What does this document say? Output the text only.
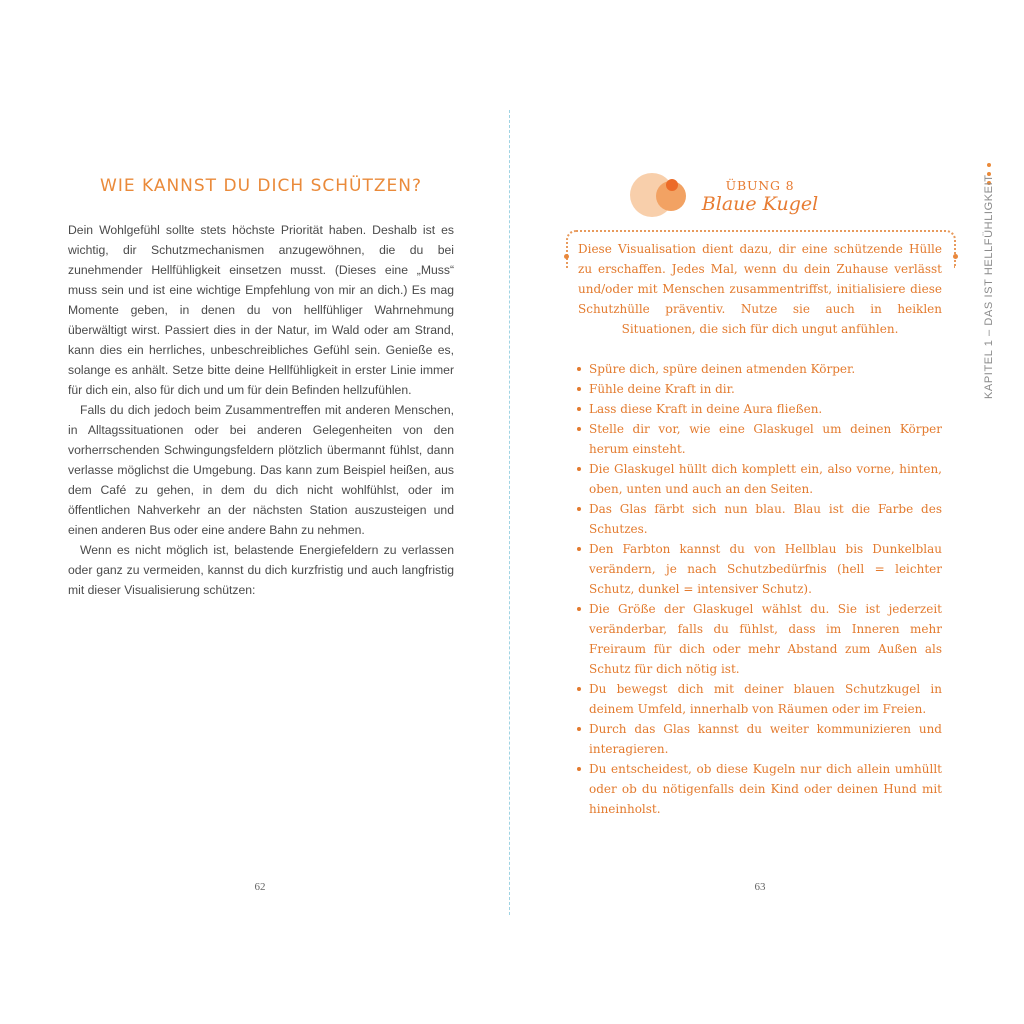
WIE KANNST DU DICH SCHÜTZEN?

Dein Wohlgefühl sollte stets höchste Priorität haben. Deshalb ist es wichtig, dir Schutzmechanismen anzugewöhnen, die du bei zunehmender Hellfühligkeit einsetzen musst. (Dieses eine „Muss“ muss sein und ist eine wichtige Empfehlung von mir an dich.) Es mag Momente geben, in denen du von hellfühliger Wahrnehmung überwältigt wirst. Passiert dies in der Natur, im Wald oder am Strand, kann dies ein herrliches, unbeschreibliches Gefühl sein. Genieße es, solange es anhält. Setze bitte deine Hellfühligkeit in erster Linie immer für dich ein, also für dich und um für dein Befinden hellzufühlen.

Falls du dich jedoch beim Zusammentreffen mit anderen Menschen, in Alltagssituationen oder bei anderen Gelegenheiten von den vorherrschenden Schwingungsfeldern plötzlich übermannt fühlst, dann verlasse möglichst die Umgebung. Das kann zum Beispiel heißen, aus dem Café zu gehen, in dem du dich nicht wohlfühlst, oder im öffentlichen Nahverkehr an der nächsten Station auszusteigen und einen anderen Bus oder eine andere Bahn zu nehmen.

Wenn es nicht möglich ist, belastende Energiefeldern zu verlassen oder ganz zu vermeiden, kannst du dich kurzfristig und auch langfristig mit dieser Visualisierung schützen:

62
ÜBUNG 8
Blaue Kugel

Diese Visualisation dient dazu, dir eine schützende Hülle zu erschaffen. Jedes Mal, wenn du dein Zuhause verlässt und/oder mit Menschen zusammentriffst, initialisiere diese Schutzhülle präventiv. Nutze sie auch in heiklen Situationen, die sich für dich ungut anfühlen.

Spüre dich, spüre deinen atmenden Körper.
Fühle deine Kraft in dir.
Lass diese Kraft in deine Aura fließen.
Stelle dir vor, wie eine Glaskugel um deinen Körper herum einsteht.
Die Glaskugel hüllt dich komplett ein, also vorne, hinten, oben, unten und auch an den Seiten.
Das Glas färbt sich nun blau. Blau ist die Farbe des Schutzes.
Den Farbton kannst du von Hellblau bis Dunkelblau verändern, je nach Schutzbedürfnis (hell = leichter Schutz, dunkel = intensiver Schutz).
Die Größe der Glaskugel wählst du. Sie ist jederzeit veränderbar, falls du fühlst, dass im Inneren mehr Freiraum für dich oder mehr Abstand zum Außen als Schutz für dich nötig ist.
Du bewegst dich mit deiner blauen Schutzkugel in deinem Umfeld, innerhalb von Räumen oder im Freien.
Durch das Glas kannst du weiter kommunizieren und interagieren.
Du entscheidest, ob diese Kugeln nur dich allein umhüllt oder ob du nötigenfalls dein Kind oder deinen Hund mit hineinholst.
63
KAPITEL 1 – DAS IST HELLFÜHLIGKEIT
